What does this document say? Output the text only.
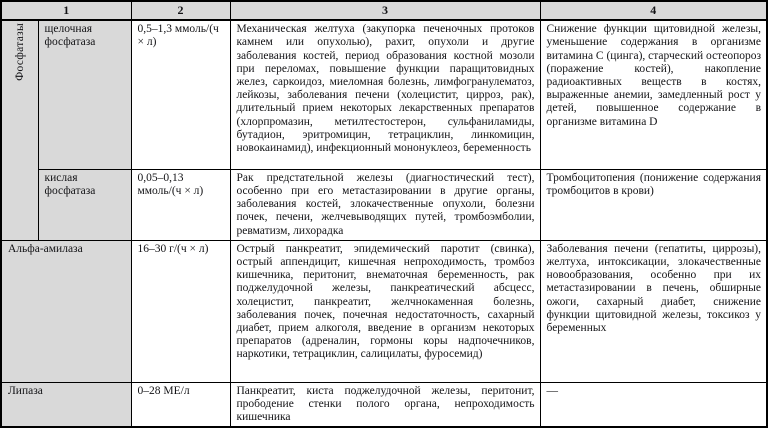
1		2	3	4
Фосфатазы	щелочная фосфатаза	0,5–1,3 ммоль/(ч × л)	Механическая желтуха (закупорка печеночных протоков камнем или опухолью), рахит, опухоли и другие заболевания костей, период образования костной мозоли при переломах, повышение функции паращитовидных желез, саркоидоз, миеломная болезнь, лимфогранулематоз, лейкозы, заболевания печени (холецистит, цирроз, рак), длительный прием некоторых лекарственных препаратов (хлорпромазин, метилтестостерон, сульфаниламиды, бутадион, эритромицин, тетрациклин, линкомицин, новокаинамид), инфекционный мононуклеоз, беременность	Снижение функции щитовидной железы, уменьшение содержания в организме витамина C (цинга), старческий остеопороз (поражение костей), накопление радиоактивных веществ в костях, выраженные анемии, замедленный рост у детей, повышенное содержание в организме витамина D
	кислая фосфатаза	0,05–0,13 ммоль/(ч × л)	Рак предстательной железы (диагностический тест), особенно при его метастазировании в другие органы, заболевания костей, злокачественные опухоли, болезни почек, печени, желчевыводящих путей, тромбоэмболии, ревматизм, лихорадка	Тромбоцитопения (понижение содержания тромбоцитов в крови)
Альфа-амилаза	16–30 г/(ч × л)	Острый панкреатит, эпидемический паротит (свинка), острый аппендицит, кишечная непроходимость, тромбоз кишечника, перитонит, внематочная беременность, рак поджелудочной железы, панкреатический абсцесс, холецистит, панкреатит, желчнокаменная болезнь, заболевания почек, почечная недостаточность, сахарный диабет, прием алкоголя, введение в организм некоторых препаратов (адреналин, гормоны коры надпочечников, наркотики, тетрациклин, салицилаты, фуросемид)	Заболевания печени (гепатиты, циррозы), желтуха, интоксикации, злокачественные новообразования, особенно при их метастазировании в печень, обширные ожоги, сахарный диабет, снижение функции щитовидной железы, токсикоз у беременных
Липаза		0–28 МЕ/л	Панкреатит, киста поджелудочной железы, перитонит, прободение стенки полого органа, непроходимость кишечника	—
